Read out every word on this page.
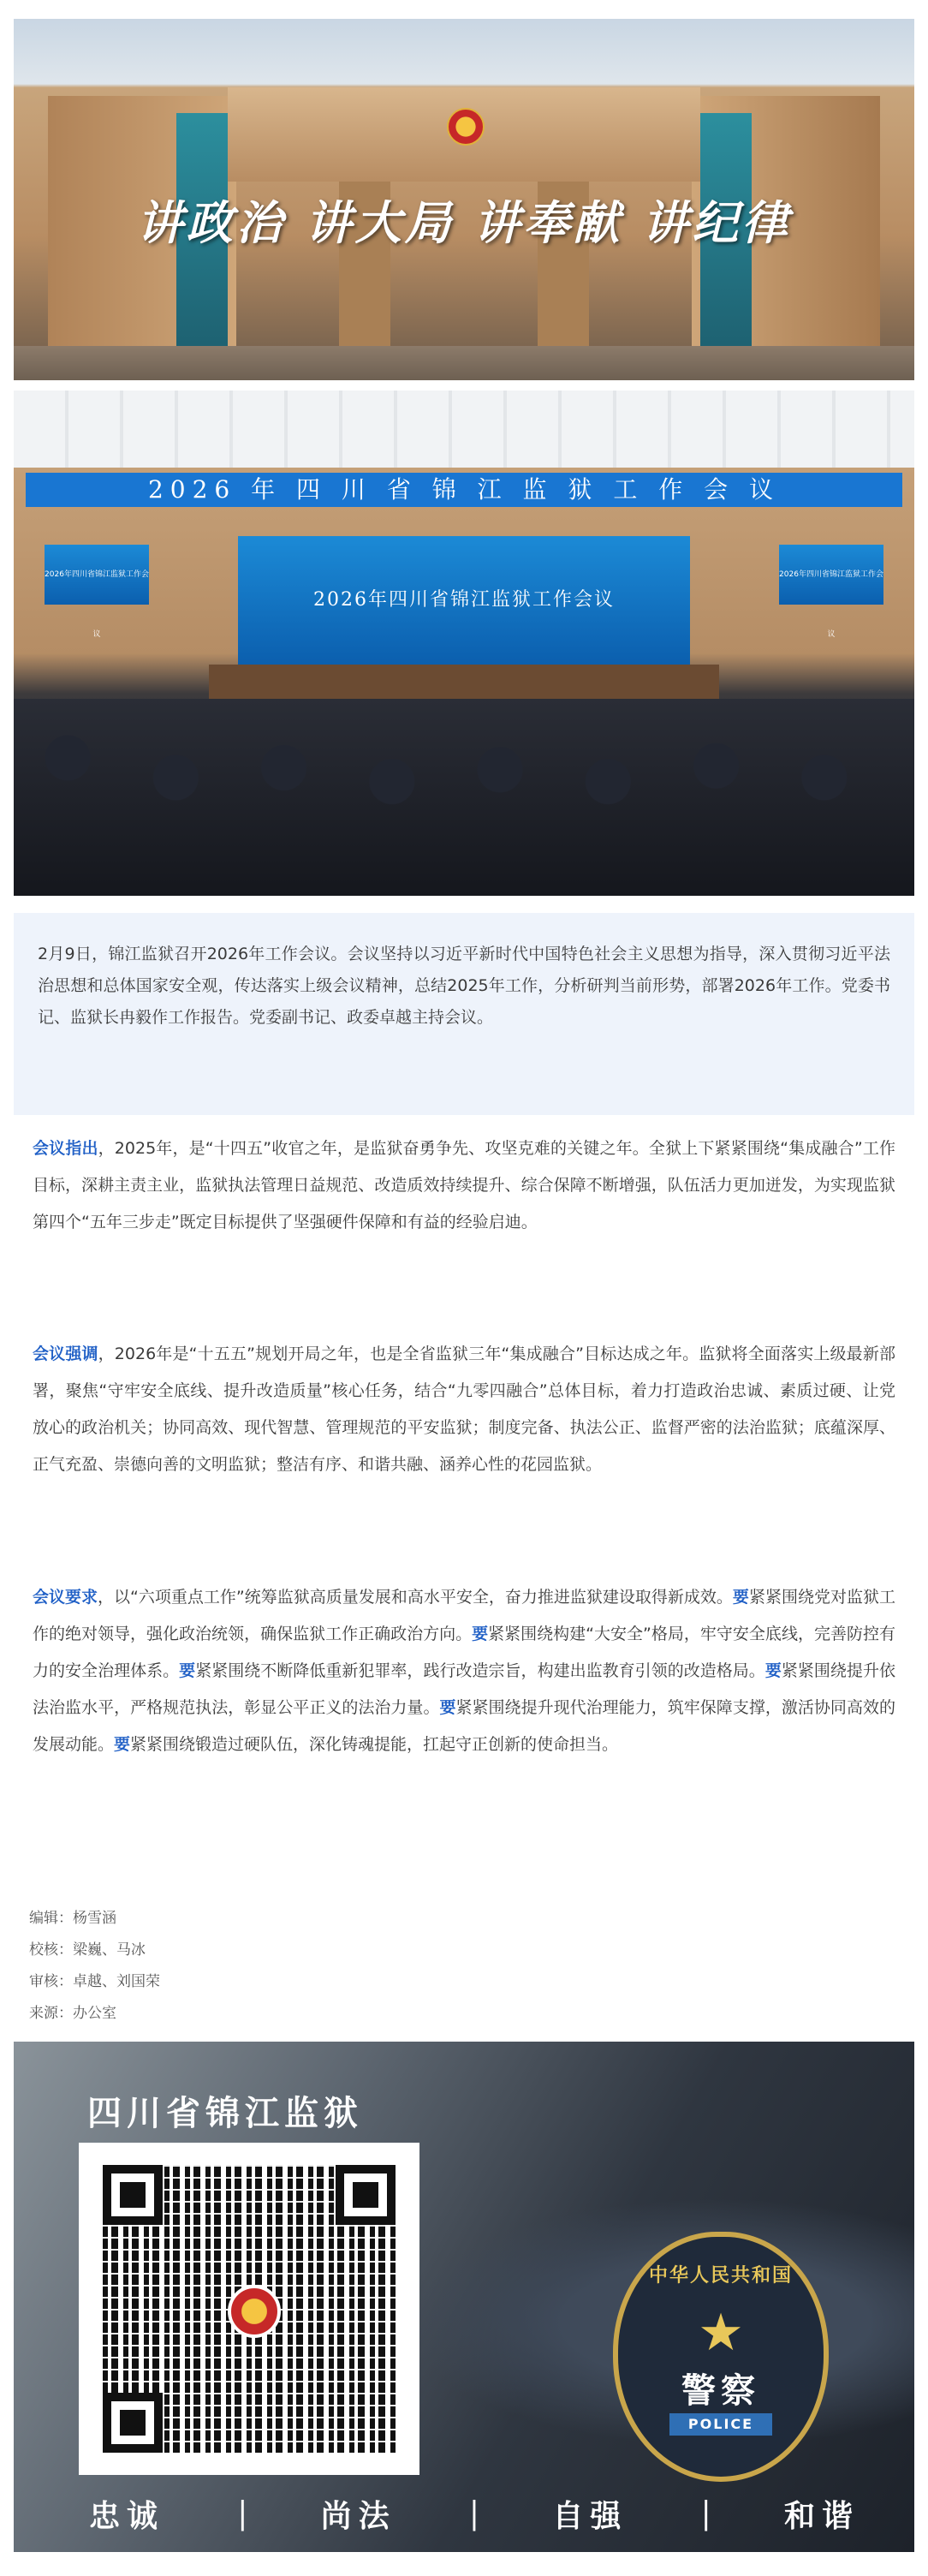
讲政治 讲大局 讲奉献 讲纪律
2026 年 四 川 省 锦 江 监 狱 工 作 会 议
2026年四川省锦江监狱工作会议
2026年四川省锦江监狱工作会议
2026年四川省锦江监狱工作会议
2月9日，锦江监狱召开2026年工作会议。会议坚持以习近平新时代中国特色社会主义思想为指导，深入贯彻习近平法治思想和总体国家安全观，传达落实上级会议精神，总结2025年工作，分析研判当前形势，部署2026年工作。党委书记、监狱长冉毅作工作报告。党委副书记、政委卓越主持会议。
会议指出，2025年，是“十四五”收官之年，是监狱奋勇争先、攻坚克难的关键之年。全狱上下紧紧围绕“集成融合”工作目标，深耕主责主业，监狱执法管理日益规范、改造质效持续提升、综合保障不断增强，队伍活力更加迸发，为实现监狱第四个“五年三步走”既定目标提供了坚强硬件保障和有益的经验启迪。
会议强调，2026年是“十五五”规划开局之年，也是全省监狱三年“集成融合”目标达成之年。监狱将全面落实上级最新部署，聚焦“守牢安全底线、提升改造质量”核心任务，结合“九零四融合”总体目标，着力打造政治忠诚、素质过硬、让党放心的政治机关；协同高效、现代智慧、管理规范的平安监狱；制度完备、执法公正、监督严密的法治监狱；底蕴深厚、正气充盈、崇德向善的文明监狱；整洁有序、和谐共融、涵养心性的花园监狱。
会议要求，以“六项重点工作”统筹监狱高质量发展和高水平安全，奋力推进监狱建设取得新成效。要紧紧围绕党对监狱工作的绝对领导，强化政治统领，确保监狱工作正确政治方向。要紧紧围绕构建“大安全”格局，牢守安全底线，完善防控有力的安全治理体系。要紧紧围绕不断降低重新犯罪率，践行改造宗旨，构建出监教育引领的改造格局。要紧紧围绕提升依法治监水平，严格规范执法，彰显公平正义的法治力量。要紧紧围绕提升现代治理能力，筑牢保障支撑，激活协同高效的发展动能。要紧紧围绕锻造过硬队伍，深化铸魂提能，扛起守正创新的使命担当。
编辑：杨雪涵
校核：梁巍、马冰
审核：卓越、刘国荣
来源：办公室
四川省锦江监狱
中华人民共和国
★
警察
POLICE
忠诚 | 尚法 | 自强 | 和谐
